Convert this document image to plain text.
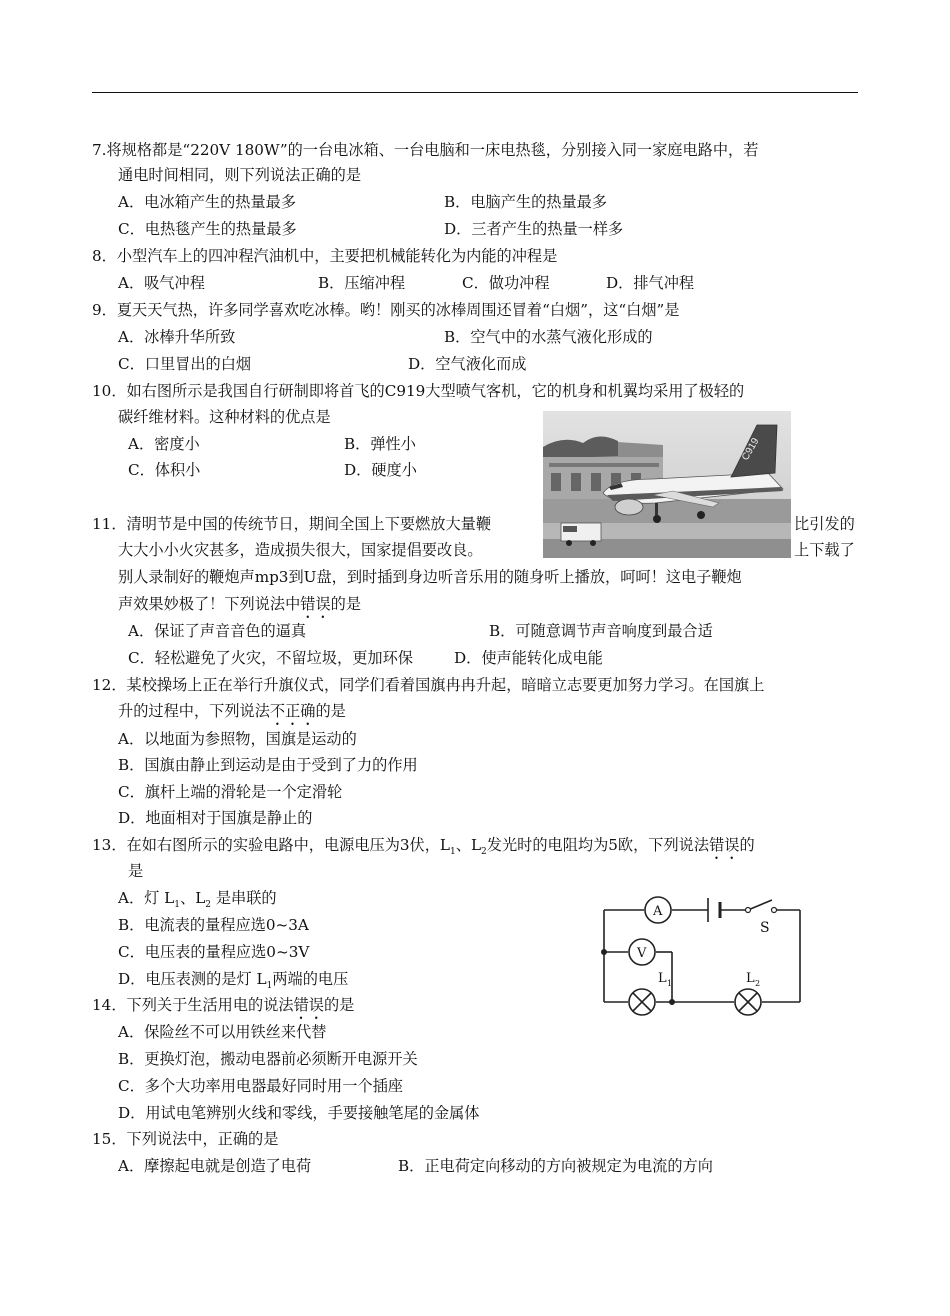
7.将规格都是“220V 180W”的一台电冰箱、一台电脑和一床电热毯，分别接入同一家庭电路中，若
通电时间相同，则下列说法正确的是
A．电冰箱产生的热量最多	B．电脑产生的热量最多
C．电热毯产生的热量最多	D．三者产生的热量一样多
8．小型汽车上的四冲程汽油机中，主要把机械能转化为内能的冲程是
A．吸气冲程	B．压缩冲程	C．做功冲程	D．排气冲程
9．夏天天气热，许多同学喜欢吃冰棒。哟！刚买的冰棒周围还冒着“白烟”，这“白烟”是
A．冰棒升华所致	B．空气中的水蒸气液化形成的
C．口里冒出的白烟	D．空气液化而成
10．如右图所示是我国自行研制即将首飞的C919大型喷气客机，它的机身和机翼均采用了极轻的
碳纤维材料。这种材料的优点是
A．密度小	B．弹性小
C．体积小	D．硬度小
11．清明节是中国的传统节日，期间全国上下要燃放大量鞭	比引发的
大大小小火灾甚多，造成损失很大，国家提倡要改良。	上下载了
别人录制好的鞭炮声mp3到U盘，到时插到身边听音乐用的随身听上播放，呵呵！这电子鞭炮
声效果妙极了！下列说法中错误的是
A．保证了声音音色的逼真	B．可随意调节声音响度到最合适
C．轻松避免了火灾，不留垃圾，更加环保	D．使声能转化成电能
12．某校操场上正在举行升旗仪式，同学们看着国旗冉冉升起，暗暗立志要更加努力学习。在国旗上
升的过程中，下列说法不正确的是
A．以地面为参照物，国旗是运动的
B．国旗由静止到运动是由于受到了力的作用
C．旗杆上端的滑轮是一个定滑轮
D．地面相对于国旗是静止的
13．在如右图所示的实验电路中，电源电压为3伏，$L_1$、$L_2$发光时的电阻均为5欧，下列说法错误的
是
A．灯 $L_1$、$L_2$ 是串联的
B．电流表的量程应选0~3A
C．电压表的量程应选0~3V
D．电压表测的是灯 $L_1$两端的电压
14．下列关于生活用电的说法错误的是
A．保险丝不可以用铁丝来代替
B．更换灯泡，搬动电器前必须断开电源开关
C．多个大功率用电器最好同时用一个插座
D．用试电笔辨别火线和零线，手要接触笔尾的金属体
15．下列说法中，正确的是
A．摩擦起电就是创造了电荷	B．正电荷定向移动的方向被规定为电流的方向
C919
A
V
S
L 1	L 2
